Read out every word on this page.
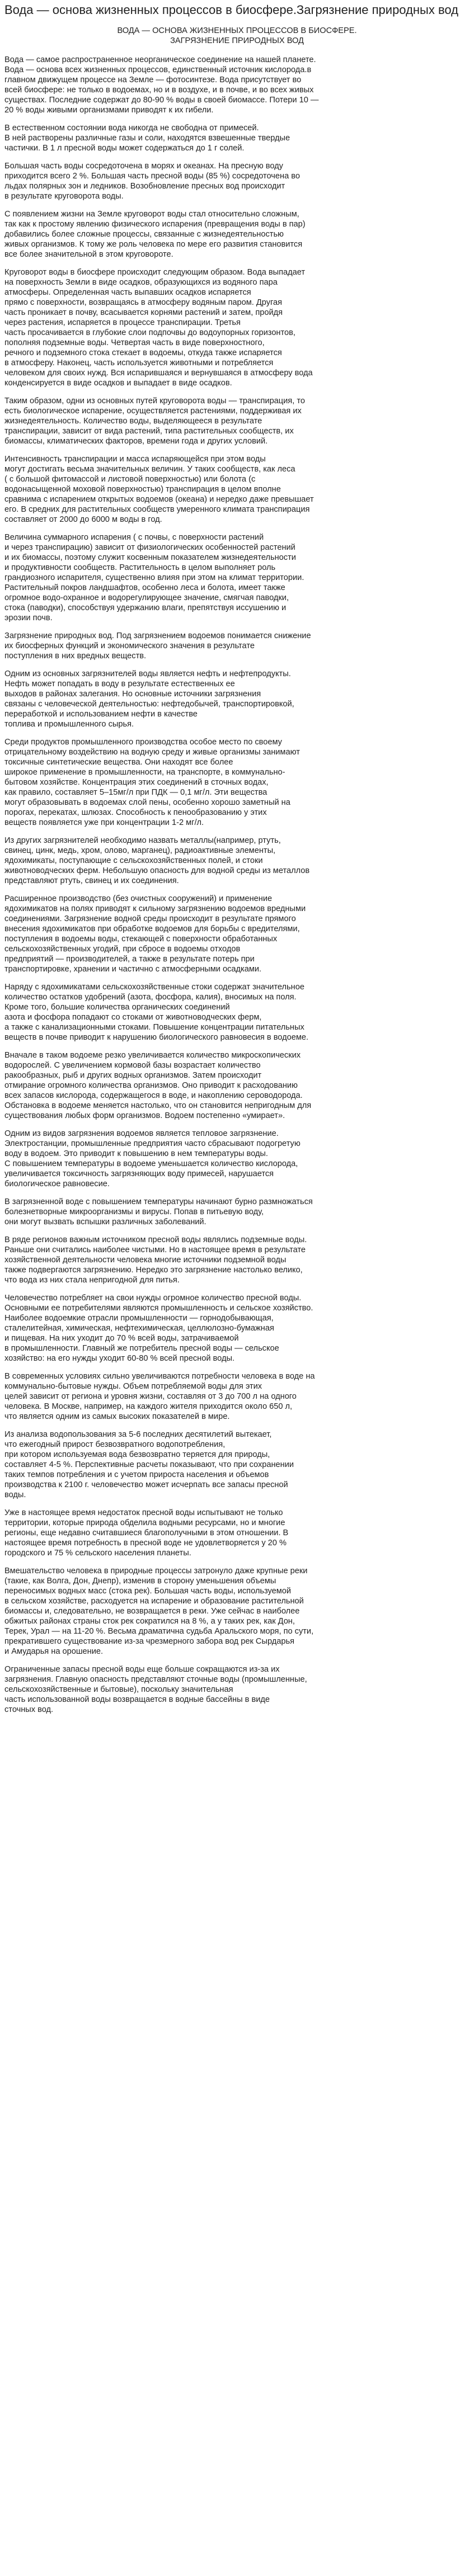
Вода — основа жизненных процессов в биосфере.Загрязнение природных вод
ВОДА — ОСНОВА ЖИЗНЕННЫХ ПРОЦЕССОВ В БИОСФЕРЕ.
ЗАГРЯЗНЕНИЕ ПРИРОДНЫХ ВОД

Вода — самое распространенное неорганическое соединение на нашей планете.
Вода — основа всех жизненных процессов, единственный источник кислорода.в
главном движущем процессе на Земле — фотосинтезе. Вода присутствует во
всей биосфере: не только в водоемах, но и в воздухе, и в почве, и во всех живых
существах. Последние содержат до 80-90 % воды в своей биомассе. Потери 10 —
20 % воды живыми организмами приводят к их гибели.

В естественном состоянии вода никогда не свободна от примесей.
В ней растворены различные газы и соли, находятся взвешенные твердые
частички. В 1 л пресной воды может содержаться до 1 г солей.

Большая часть воды сосредоточена в морях и океанах. На пресную воду
приходится всего 2 %. Большая часть пресной воды (85 %) сосредоточена во
льдах полярных зон и ледников. Возобновление пресных вод происходит
в результате круговорота воды.

С появлением жизни на Земле круговорот воды стал относительно сложным,
так как к простому явлению физического испарения (превращения воды в пар)
добавились более сложные процессы, связанные с жизнедеятельностью
живых организмов. К тому же роль человека по мере его развития становится
все более значительной в этом круговороте.

Круговорот воды в биосфере происходит следующим образом. Вода выпадает
на поверхность Земли в виде осадков, образующихся из водяного пара
атмосферы. Определенная часть выпавших осадков испаряется
прямо с поверхности, возвращаясь в атмосферу водяным паром. Другая
часть проникает в почву, всасывается корнями растений и затем, пройдя
через растения, испаряется в процессе транспирации. Третья
часть просачивается в глубокие слои подпочвы до водоупорных горизонтов,
пополняя подземные воды. Четвертая часть в виде поверхностного,
речного и подземного стока стекает в водоемы, откуда также испаряется
в атмосферу. Наконец, часть используется животными и потребляется
человеком для своих нужд. Вся испарившаяся и вернувшаяся в атмосферу вода
конденсируется в виде осадков и выпадает в виде осадков.

Таким образом, одни из основных путей круговорота воды — транспирация, то
есть биологическое испарение, осуществляется растениями, поддерживая их
жизнедеятельность. Количество воды, выделяющееся в результате
транспирации, зависит от вида растений, типа растительных сообществ, их
биомассы, климатических факторов, времени года и других условий.

Интенсивность транспирации и масса испаряющейся при этом воды
могут достигать весьма значительных величин. У таких сообществ, как леса
( с большой фитомассой и листовой поверхностью) или болота (с
водонасыщенной моховой поверхностью) транспирация в целом вполне
сравнима с испарением открытых водоемов (океана) и нередко даже превышает
его. В средних для растительных сообществ умеренного климата транспирация
составляет от 2000 до 6000 м воды в год.

Величина суммарного испарения ( с почвы, с поверхности растений
и через транспирацию) зависит от физиологических особенностей растений
и их биомассы, поэтому служит косвенным показателем жизнедеятельности
и продуктивности сообществ. Растительность в целом выполняет роль
грандиозного испарителя, существенно влияя при этом на климат территории.
Растительный покров ландшафтов, особенно леса и болота, имеет также
огромное водо-охранное и водорегулирующее значение, смягчая паводки,
стока (паводки), способствуя удержанию влаги, препятствуя иссушению и
эрозии почв.

Загрязнение природных вод. Под загрязнением водоемов понимается снижение
их биосферных функций и экономического значения в результате
поступления в них вредных веществ.

Одним из основных загрязнителей воды является нефть и нефтепродукты.
Нефть может попадать в воду в результате естественных ее
выходов в районах залегания. Но основные источники загрязнения
связаны с человеческой деятельностью: нефтедобычей, транспортировкой,
переработкой и использованием нефти в качестве
топлива и промышленного сырья.

Среди продуктов промышленного производства особое место по своему
отрицательному воздействию на водную среду и живые организмы занимают
токсичные синтетические вещества. Они находят все более
широкое применение в промышленности, на транспорте, в коммунально-
бытовом хозяйстве. Концентрация этих соединений в сточных водах,
как правило, составляет 5–15мг/л при ПДК — 0,1 мг/л. Эти вещества
могут образовывать в водоемах слой пены, особенно хорошо заметный на
порогах, перекатах, шлюзах. Способность к пенообразованию у этих
веществ появляется уже при концентрации 1-2 мг/л.

Из других загрязнителей необходимо назвать металлы(например, ртуть,
свинец, цинк, медь, хром, олово, марганец), радиоактивные элементы,
ядохимикаты, поступающие с сельскохозяйственных полей, и стоки
животноводческих ферм. Небольшую опасность для водной среды из металлов
представляют ртуть, свинец и их соединения.

Расширенное производство (без очистных сооружений) и применение
ядохимикатов на полях приводят к сильному загрязнению водоемов вредными
соединениями. Загрязнение водной среды происходит в результате прямого
внесения ядохимикатов при обработке водоемов для борьбы с вредителями,
поступления в водоемы воды, стекающей с поверхности обработанных
сельскохозяйственных угодий, при сбросе в водоемы отходов
предприятий — производителей, а также в результате потерь при
транспортировке, хранении и частично с атмосферными осадками.

Наряду с ядохимикатами сельскохозяйственные стоки содержат значительное
количество остатков удобрений (азота, фосфора, калия), вносимых на поля.
Кроме того, большие количества органических соединений
азота и фосфора попадают со стоками от животноводческих ферм,
а также с канализационными стоками. Повышение концентрации питательных
веществ в почве приводит к нарушению биологического равновесия в водоеме.

Вначале в таком водоеме резко увеличивается количество микроскопических
водорослей. С увеличением кормовой базы возрастает количество
ракообразных, рыб и других водных организмов. Затем происходит
отмирание огромного количества организмов. Оно приводит к расходованию
всех запасов кислорода, содержащегося в воде, и накоплению сероводорода.
Обстановка в водоеме меняется настолько, что он становится непригодным для
существования любых форм организмов. Водоем постепенно «умирает».

Одним из видов загрязнения водоемов является тепловое загрязнение.
Электростанции, промышленные предприятия часто сбрасывают подогретую
воду в водоем. Это приводит к повышению в нем температуры воды.
С повышением температуры в водоеме уменьшается количество кислорода,
увеличивается токсичность загрязняющих воду примесей, нарушается
биологическое равновесие.

В загрязненной воде с повышением температуры начинают бурно размножаться
болезнетворные микроорганизмы и вирусы. Попав в питьевую воду,
они могут вызвать вспышки различных заболеваний.

В ряде регионов важным источником пресной воды являлись подземные воды.
Раньше они считались наиболее чистыми. Но в настоящее время в результате
хозяйственной деятельности человека многие источники подземной воды
также подвергаются загрязнению. Нередко это загрязнение настолько велико,
что вода из них стала непригодной для питья.

Человечество потребляет на свои нужды огромное количество пресной воды.
Основными ее потребителями являются промышленность и сельское хозяйство.
Наиболее водоемкие отрасли промышленности — горнодобывающая,
сталелитейная, химическая, нефтехимическая, целлюлозно-бумажная
и пищевая. На них уходит до 70 % всей воды, затрачиваемой
в промышленности. Главный же потребитель пресной воды — сельское
хозяйство: на его нужды уходит 60-80 % всей пресной воды.

В современных условиях сильно увеличиваются потребности человека в воде на
коммунально-бытовые нужды. Объем потребляемой воды для этих
целей зависит от региона и уровня жизни, составляя от 3 до 700 л на одного
человека. В Москве, например, на каждого жителя приходится около 650 л,
что является одним из самых высоких показателей в мире.

Из анализа водопользования за 5-6 последних десятилетий вытекает,
что ежегодный прирост безвозвратного водопотребления,
при котором используемая вода безвозвратно теряется для природы,
составляет 4-5 %. Перспективные расчеты показывают, что при сохранении
таких темпов потребления и с учетом прироста населения и объемов
производства к 2100 г. человечество может исчерпать все запасы пресной
воды.

Уже в настоящее время недостаток пресной воды испытывают не только
территории, которые природа обделила водными ресурсами, но и многие
регионы, еще недавно считавшиеся благополучными в этом отношении. В
настоящее время потребность в пресной воде не удовлетворяется у 20 %
городского и 75 % сельского населения планеты.

Вмешательство человека в природные процессы затронуло даже крупные реки
(такие, как Волга, Дон, Днепр), изменив в сторону уменьшения объемы
переносимых водных масс (стока рек). Большая часть воды, используемой
в сельском хозяйстве, расходуется на испарение и образование растительной
биомассы и, следовательно, не возвращается в реки. Уже сейчас в наиболее
обжитых районах страны сток рек сократился на 8 %, а у таких рек, как Дон,
Терек, Урал — на 11-20 %. Весьма драматична судьба Аральского моря, по сути,
прекратившего существование из-за чрезмерного забора вод рек Сырдарья
и Амударья на орошение.

Ограниченные запасы пресной воды еще больше сокращаются из-за их
загрязнения. Главную опасность представляют сточные воды (промышленные,
сельскохозяйственные и бытовые), поскольку значительная
часть использованной воды возвращается в водные бассейны в виде
сточных вод.
